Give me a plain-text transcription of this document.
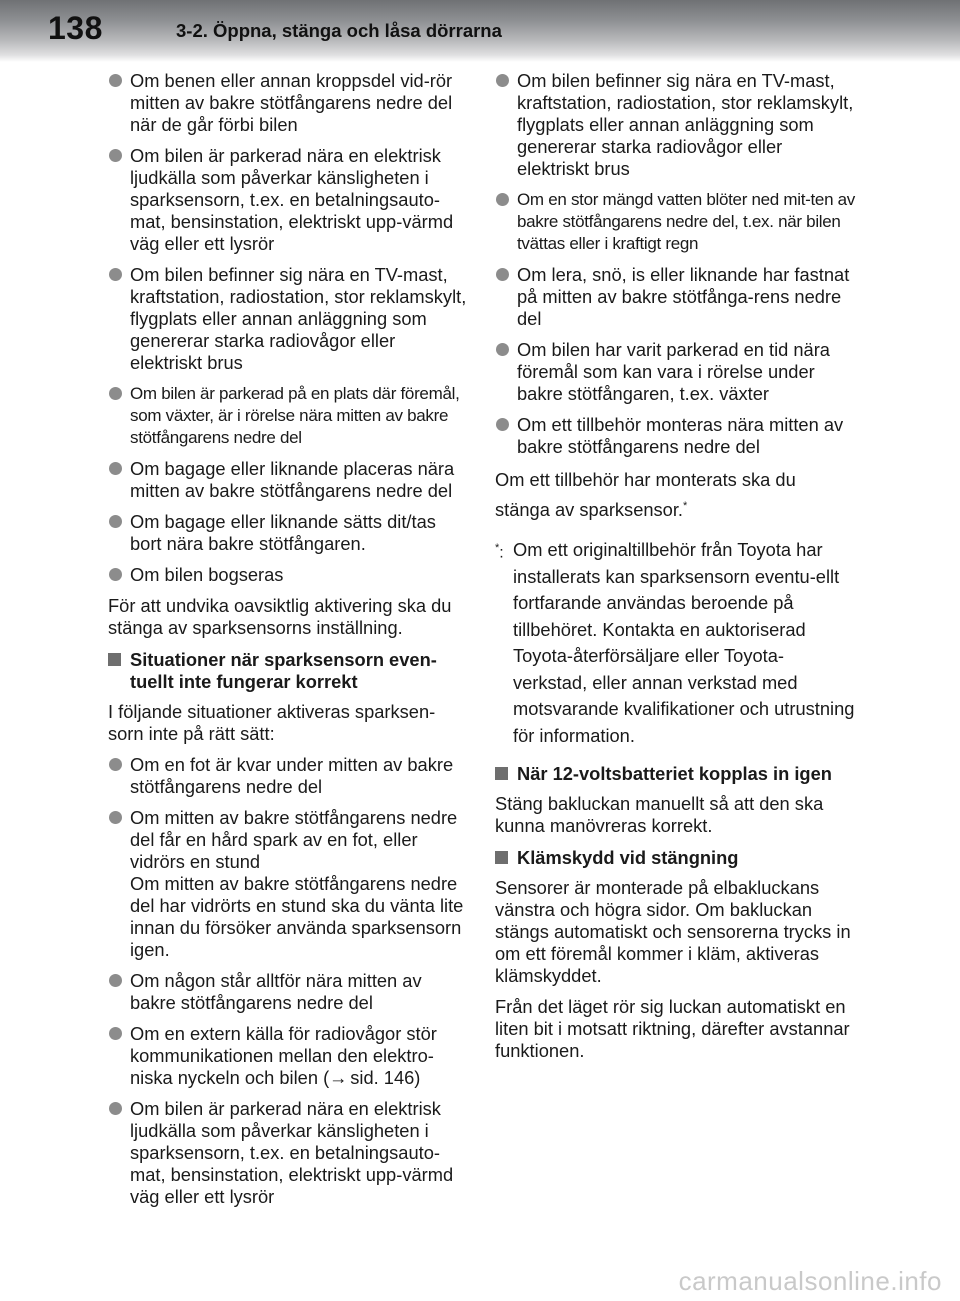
138	3-2. Öppna, stänga och låsa dörrarna
Om benen eller annan kroppsdel vid-rör mitten av bakre stötfångarens nedre del när de går förbi bilen
Om bilen är parkerad nära en elektrisk ljudkälla som påverkar känsligheten i sparksensorn, t.ex. en betalningsauto-mat, bensinstation, elektriskt upp-värmd väg eller ett lysrör
Om bilen befinner sig nära en TV-mast, kraftstation, radiostation, stor reklamskylt, flygplats eller annan anläggning som genererar starka radiovågor eller elektriskt brus
Om bilen är parkerad på en plats där föremål, som växter, är i rörelse nära mitten av bakre stötfångarens nedre del
Om bagage eller liknande placeras nära mitten av bakre stötfångarens nedre del
Om bagage eller liknande sätts dit/tas bort nära bakre stötfångaren.
Om bilen bogseras
För att undvika oavsiktlig aktivering ska du stänga av sparksensorns inställning.
Situationer när sparksensorn even-tuellt inte fungerar korrekt
I följande situationer aktiveras sparksen-sorn inte på rätt sätt:
Om en fot är kvar under mitten av bakre stötfångarens nedre del
Om mitten av bakre stötfångarens nedre del får en hård spark av en fot, eller vidrörs en stund
Om mitten av bakre stötfångarens nedre del har vidrörts en stund ska du vänta lite innan du försöker använda sparksensorn igen.
Om någon står alltför nära mitten av bakre stötfångarens nedre del
Om en extern källa för radiovågor stör kommunikationen mellan den elektro-niska nyckeln och bilen (→ sid. 146)
Om bilen är parkerad nära en elektrisk ljudkälla som påverkar känsligheten i sparksensorn, t.ex. en betalningsauto-mat, bensinstation, elektriskt upp-värmd väg eller ett lysrör
Om bilen befinner sig nära en TV-mast, kraftstation, radiostation, stor reklamskylt, flygplats eller annan anläggning som genererar starka radiovågor eller elektriskt brus
Om en stor mängd vatten blöter ned mit-ten av bakre stötfångarens nedre del, t.ex. när bilen tvättas eller i kraftigt regn
Om lera, snö, is eller liknande har fastnat på mitten av bakre stötfånga-rens nedre del
Om bilen har varit parkerad en tid nära föremål som kan vara i rörelse under bakre stötfångaren, t.ex. växter
Om ett tillbehör monteras nära mitten av bakre stötfångarens nedre del
Om ett tillbehör har monterats ska du stänga av sparksensor.*
*: Om ett originaltillbehör från Toyota har installerats kan sparksensorn eventu-ellt fortfarande användas beroende på tillbehöret. Kontakta en auktoriserad Toyota-återförsäljare eller Toyota-verkstad, eller annan verkstad med motsvarande kvalifikationer och utrustning för information.
När 12-voltsbatteriet kopplas in igen
Stäng bakluckan manuellt så att den ska kunna manövreras korrekt.
Klämskydd vid stängning
Sensorer är monterade på elbakluckans vänstra och högra sidor. Om bakluckan stängs automatiskt och sensorerna trycks in om ett föremål kommer i kläm, aktiveras klämskyddet.
Från det läget rör sig luckan automatiskt en liten bit i motsatt riktning, därefter avstannar funktionen.
carmanualsonline.info
